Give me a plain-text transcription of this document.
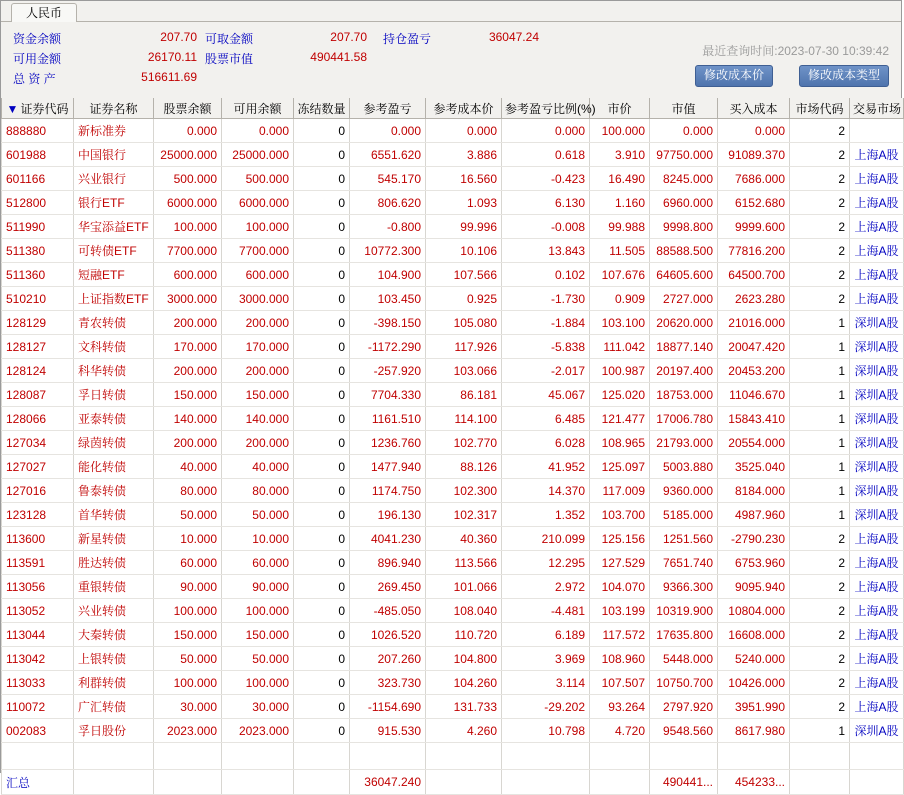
人民币
资金余额	207.70 可取金额	207.70 持仓盈亏	36047.24
可用金额	26170.11 股票市值	490441.58
总 资 产	516611.69
最近查询时间:2023-07-30 10:39:42
修改成本价	修改成本类型
▼ 证券代码	证券名称	股票余额	可用余额	冻结数量	参考盈亏	参考成本价	参考盈亏比例(%)	市价	市值	买入成本	市场代码	交易市场
888880	新标准券	0.000	0.000	0	0.000	0.000	0.000	100.000	0.000	0.000	2	
601988	中国银行	25000.000	25000.000	0	6551.620	3.886	0.618	3.910	97750.000	91089.370	2	上海A股
601166	兴业银行	500.000	500.000	0	545.170	16.560	-0.423	16.490	8245.000	7686.000	2	上海A股
512800	银行ETF	6000.000	6000.000	0	806.620	1.093	6.130	1.160	6960.000	6152.680	2	上海A股
511990	华宝添益ETF	100.000	100.000	0	-0.800	99.996	-0.008	99.988	9998.800	9999.600	2	上海A股
511380	可转债ETF	7700.000	7700.000	0	10772.300	10.106	13.843	11.505	88588.500	77816.200	2	上海A股
511360	短融ETF	600.000	600.000	0	104.900	107.566	0.102	107.676	64605.600	64500.700	2	上海A股
510210	上证指数ETF	3000.000	3000.000	0	103.450	0.925	-1.730	0.909	2727.000	2623.280	2	上海A股
128129	青农转债	200.000	200.000	0	-398.150	105.080	-1.884	103.100	20620.000	21016.000	1	深圳A股
128127	文科转债	170.000	170.000	0	-1172.290	117.926	-5.838	111.042	18877.140	20047.420	1	深圳A股
128124	科华转债	200.000	200.000	0	-257.920	103.066	-2.017	100.987	20197.400	20453.200	1	深圳A股
128087	孚日转债	150.000	150.000	0	7704.330	86.181	45.067	125.020	18753.000	11046.670	1	深圳A股
128066	亚泰转债	140.000	140.000	0	1161.510	114.100	6.485	121.477	17006.780	15843.410	1	深圳A股
127034	绿茵转债	200.000	200.000	0	1236.760	102.770	6.028	108.965	21793.000	20554.000	1	深圳A股
127027	能化转债	40.000	40.000	0	1477.940	88.126	41.952	125.097	5003.880	3525.040	1	深圳A股
127016	鲁泰转债	80.000	80.000	0	1174.750	102.300	14.370	117.009	9360.000	8184.000	1	深圳A股
123128	首华转债	50.000	50.000	0	196.130	102.317	1.352	103.700	5185.000	4987.960	1	深圳A股
113600	新星转债	10.000	10.000	0	4041.230	40.360	210.099	125.156	1251.560	-2790.230	2	上海A股
113591	胜达转债	60.000	60.000	0	896.940	113.566	12.295	127.529	7651.740	6753.960	2	上海A股
113056	重银转债	90.000	90.000	0	269.450	101.066	2.972	104.070	9366.300	9095.940	2	上海A股
113052	兴业转债	100.000	100.000	0	-485.050	108.040	-4.481	103.199	10319.900	10804.000	2	上海A股
113044	大秦转债	150.000	150.000	0	1026.520	110.720	6.189	117.572	17635.800	16608.000	2	上海A股
113042	上银转债	50.000	50.000	0	207.260	104.800	3.969	108.960	5448.000	5240.000	2	上海A股
113033	利群转债	100.000	100.000	0	323.730	104.260	3.114	107.507	10750.700	10426.000	2	上海A股
110072	广汇转债	30.000	30.000	0	-1154.690	131.733	-29.202	93.264	2797.920	3951.990	2	上海A股
002083	孚日股份	2023.000	2023.000	0	915.530	4.260	10.798	4.720	9548.560	8617.980	1	深圳A股

汇总					36047.240				490441...	454233...		
